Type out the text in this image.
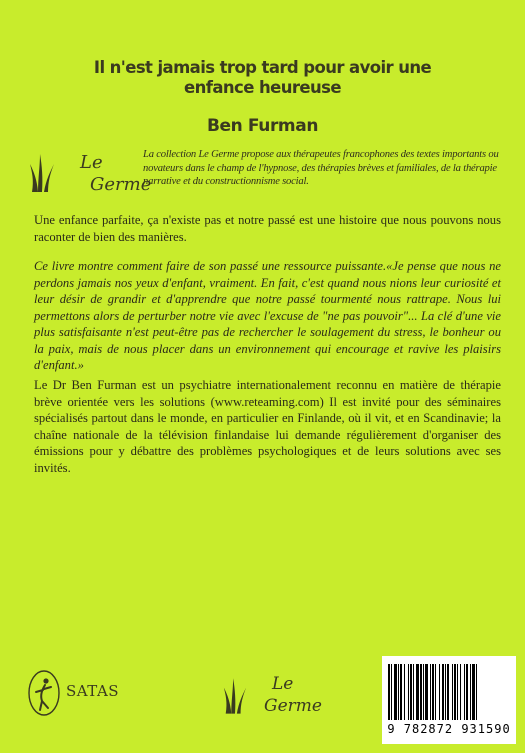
Il n'est jamais trop tard pour avoir une enfance heureuse
Ben Furman
Le
Germe
La collection Le Germe propose aux thérapeutes francophones des textes importants ou novateurs dans le champ de l'hypnose, des thérapies brèves et familiales, de la thérapie narrative et du constructionnisme social.
Une enfance parfaite, ça n'existe pas et notre passé est une histoire que nous pouvons nous raconter de bien des manières.
Ce livre montre comment faire de son passé une ressource puissante.«Je pense que nous ne perdons jamais nos yeux d'enfant, vraiment. En fait, c'est quand nous nions leur curiosité et leur désir de grandir et d'apprendre que notre passé tourmenté nous rattrape. Nous lui permettons alors de perturber notre vie avec l'excuse de "ne pas pouvoir"... La clé d'une vie plus satisfaisante n'est peut-être pas de rechercher le soulagement du stress, le bonheur ou la paix, mais de nous placer dans un environnement qui encourage et ravive les plaisirs d'enfant.»
Le Dr Ben Furman est un psychiatre internationalement reconnu en matière de thérapie brève orientée vers les solutions (www.reteaming.com) Il est invité pour des séminaires spécialisés partout dans le monde, en particulier en Finlande, où il vit, et en Scandinavie; la chaîne nationale de la télévision finlandaise lui demande régulièrement d'organiser des émissions pour y débattre des problèmes psychologiques et de leurs solutions avec ses invités.
SATAS	Le
Germe
9 782872 931590
